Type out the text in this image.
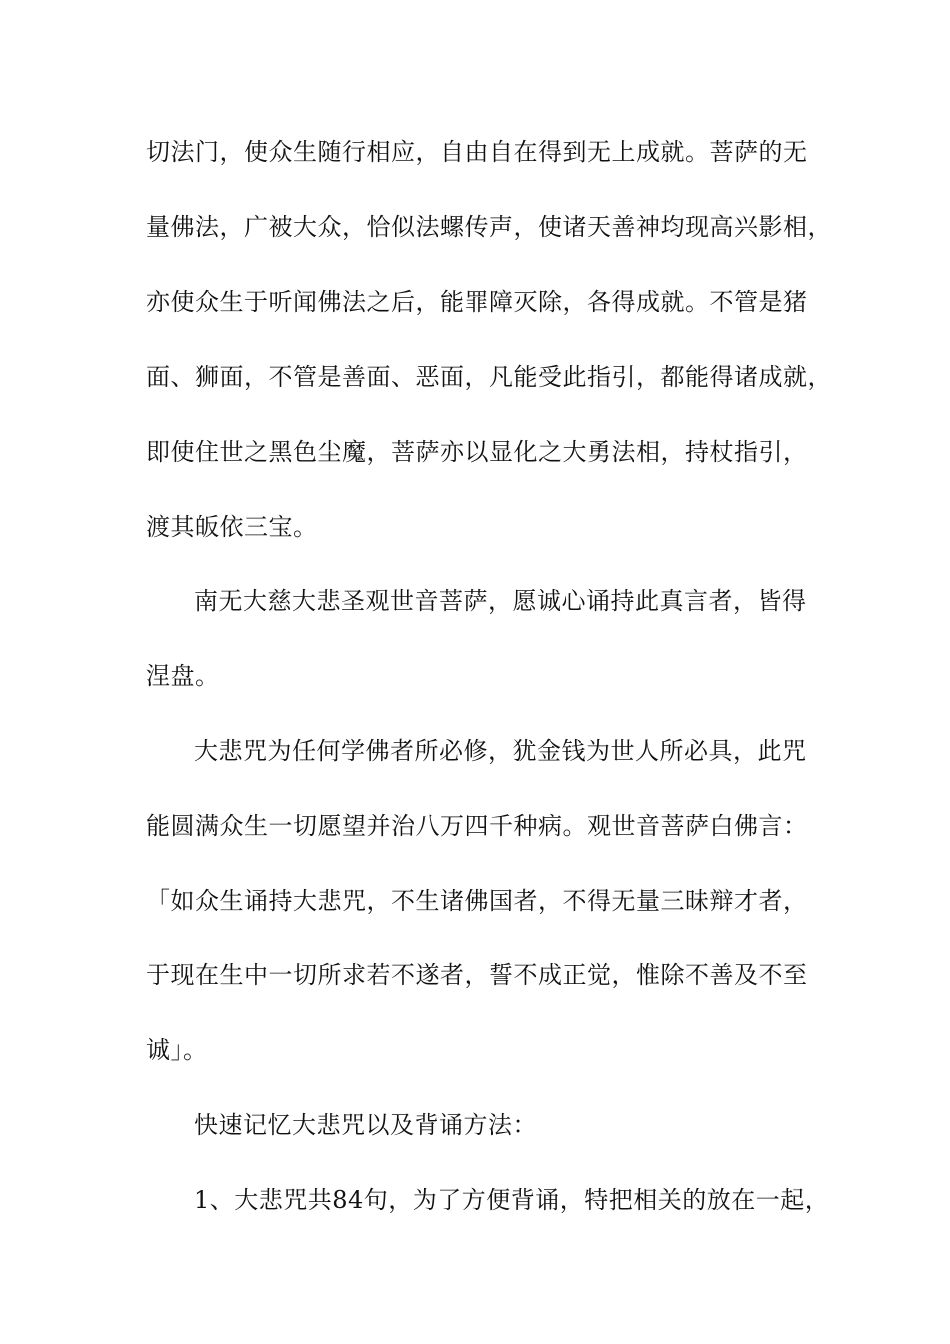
切法门，使众生随行相应，自由自在得到无上成就。菩萨的无
量佛法，广被大众，恰似法螺传声，使诸天善神均现高兴影相，
亦使众生于听闻佛法之后，能罪障灭除，各得成就。不管是猪
面、狮面，不管是善面、恶面，凡能受此指引，都能得诸成就，
即使住世之黑色尘魔，菩萨亦以显化之大勇法相，持杖指引，
渡其皈依三宝。
南无大慈大悲圣观世音菩萨，愿诚心诵持此真言者，皆得
涅盘。
大悲咒为任何学佛者所必修，犹金钱为世人所必具，此咒
能圆满众生一切愿望并治八万四千种病。观世音菩萨白佛言：
「如众生诵持大悲咒，不生诸佛国者，不得无量三昧辩才者，
于现在生中一切所求若不遂者，誓不成正觉，惟除不善及不至
诚」。
快速记忆大悲咒以及背诵方法：
1、大悲咒共84句，为了方便背诵，特把相关的放在一起，
